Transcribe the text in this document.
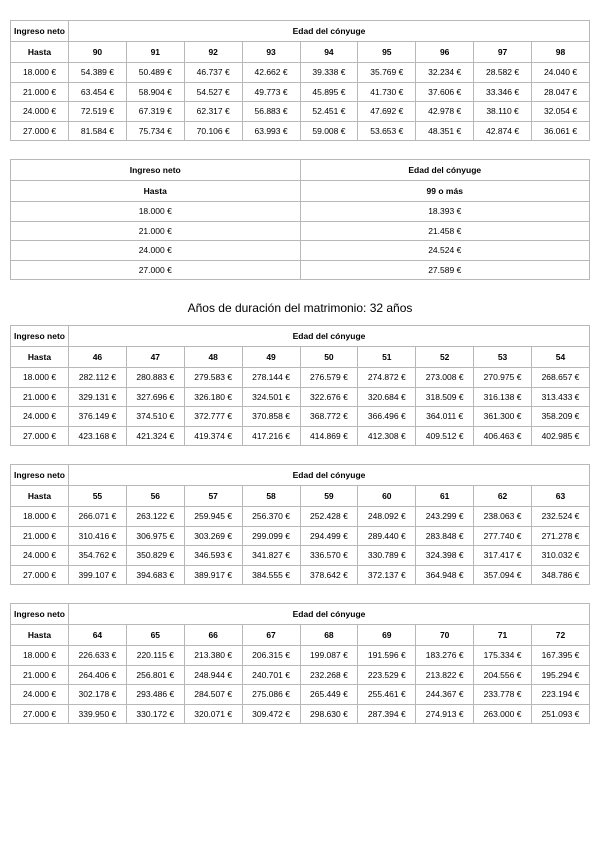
Ingreso neto	Edad del cónyuge								
Hasta	90	91	92	93	94	95	96	97	98
18.000 €	54.389 €	50.489 €	46.737 €	42.662 €	39.338 €	35.769 €	32.234 €	28.582 €	24.040 €
21.000 €	63.454 €	58.904 €	54.527 €	49.773 €	45.895 €	41.730 €	37.606 €	33.346 €	28.047 €
24.000 €	72.519 €	67.319 €	62.317 €	56.883 €	52.451 €	47.692 €	42.978 €	38.110 €	32.054 €
27.000 €	81.584 €	75.734 €	70.106 €	63.993 €	59.008 €	53.653 €	48.351 €	42.874 €	36.061 €
Ingreso neto	Edad del cónyuge
Hasta	99 o más
18.000 €	18.393 €
21.000 €	21.458 €
24.000 €	24.524 €
27.000 €	27.589 €
Años de duración del matrimonio: 32 años
Ingreso neto	Edad del cónyuge								
Hasta	46	47	48	49	50	51	52	53	54
18.000 €	282.112 €	280.883 €	279.583 €	278.144 €	276.579 €	274.872 €	273.008 €	270.975 €	268.657 €
21.000 €	329.131 €	327.696 €	326.180 €	324.501 €	322.676 €	320.684 €	318.509 €	316.138 €	313.433 €
24.000 €	376.149 €	374.510 €	372.777 €	370.858 €	368.772 €	366.496 €	364.011 €	361.300 €	358.209 €
27.000 €	423.168 €	421.324 €	419.374 €	417.216 €	414.869 €	412.308 €	409.512 €	406.463 €	402.985 €
Ingreso neto	Edad del cónyuge								
Hasta	55	56	57	58	59	60	61	62	63
18.000 €	266.071 €	263.122 €	259.945 €	256.370 €	252.428 €	248.092 €	243.299 €	238.063 €	232.524 €
21.000 €	310.416 €	306.975 €	303.269 €	299.099 €	294.499 €	289.440 €	283.848 €	277.740 €	271.278 €
24.000 €	354.762 €	350.829 €	346.593 €	341.827 €	336.570 €	330.789 €	324.398 €	317.417 €	310.032 €
27.000 €	399.107 €	394.683 €	389.917 €	384.555 €	378.642 €	372.137 €	364.948 €	357.094 €	348.786 €
Ingreso neto	Edad del cónyuge								
Hasta	64	65	66	67	68	69	70	71	72
18.000 €	226.633 €	220.115 €	213.380 €	206.315 €	199.087 €	191.596 €	183.276 €	175.334 €	167.395 €
21.000 €	264.406 €	256.801 €	248.944 €	240.701 €	232.268 €	223.529 €	213.822 €	204.556 €	195.294 €
24.000 €	302.178 €	293.486 €	284.507 €	275.086 €	265.449 €	255.461 €	244.367 €	233.778 €	223.194 €
27.000 €	339.950 €	330.172 €	320.071 €	309.472 €	298.630 €	287.394 €	274.913 €	263.000 €	251.093 €
